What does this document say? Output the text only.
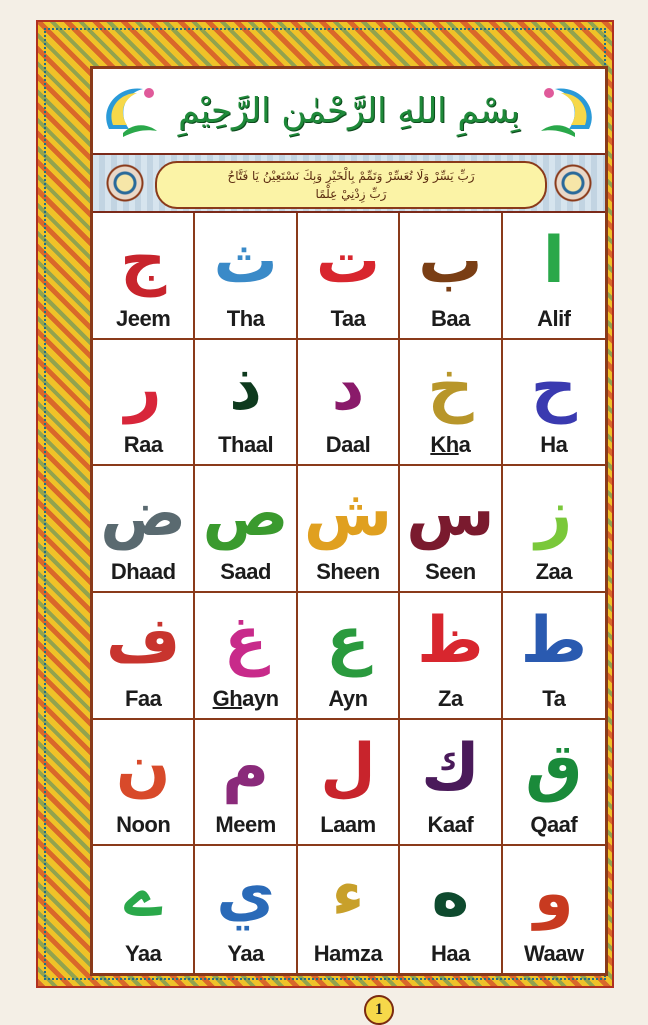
بِسْمِ اللهِ الرَّحْمٰنِ الرَّحِيْمِ
رَبِّ يَسِّرْ وَلَا تُعَسِّرْ وَتَمِّمْ بِالْخَيْرِ وَبِكَ نَسْتَعِيْنُ يَا فَتَّاحُ
رَبِّ زِدْنِيْ عِلْمًا
ج
Jeem
ث
Tha
ت
Taa
ب
Baa
ا
Alif
ر
Raa
ذ
Thaal
د
Daal
خ
Kha
ح
Ha
ض
Dhaad
ص
Saad
ش
Sheen
س
Seen
ز
Zaa
ف
Faa
غ
Ghayn
ع
Ayn
ظ
Za
ط
Ta
ن
Noon
م
Meem
ل
Laam
ك
Kaaf
ق
Qaaf
ے
Yaa
ي
Yaa
ء
Hamza
ه
Haa
و
Waaw
1
